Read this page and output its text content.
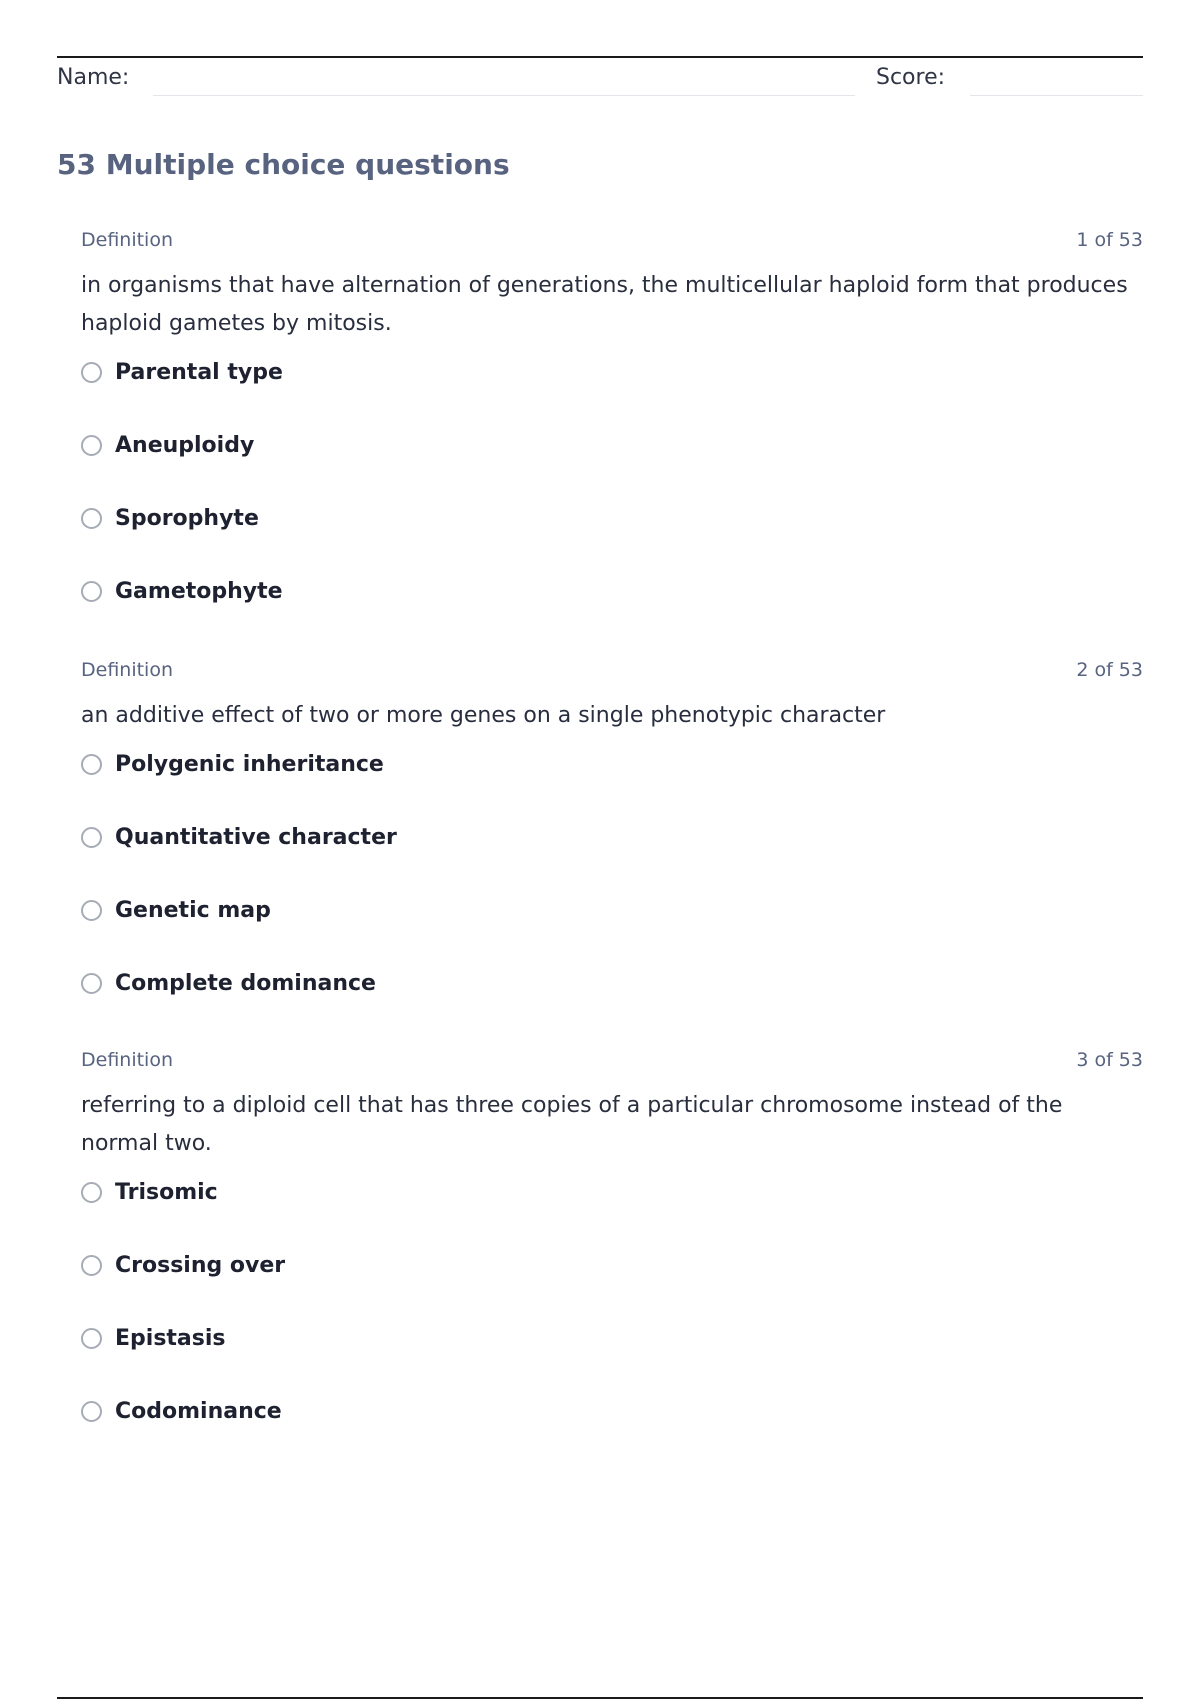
Name:	Score:
53 Multiple choice questions
Definition	1 of 53
in organisms that have alternation of generations, the multicellular haploid form that produces haploid gametes by mitosis.
Parental type
Aneuploidy
Sporophyte
Gametophyte
Definition	2 of 53
an additive effect of two or more genes on a single phenotypic character
Polygenic inheritance
Quantitative character
Genetic map
Complete dominance
Definition	3 of 53
referring to a diploid cell that has three copies of a particular chromosome instead of the normal two.
Trisomic
Crossing over
Epistasis
Codominance
